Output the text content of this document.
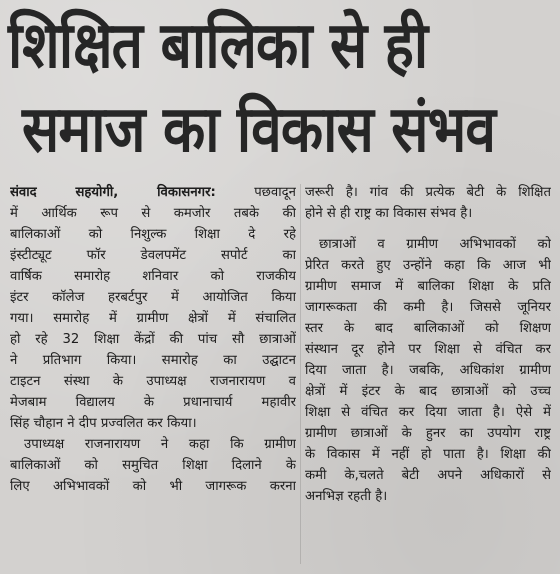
शिक्षित बालिका से ही
समाज का विकास संभव
संवाद सहयोगी, विकासनगर:	पछवादून
में आर्थिक रूप से कमजोर तबके की
बालिकाओं को निशुल्क शिक्षा दे रहे
इंस्टीट्यूट फॉर डेवलपमेंट सपोर्ट का
वार्षिक समारोह शनिवार को राजकीय
इंटर कॉलेज हरबर्टपुर में आयोजित किया
गया। समारोह में ग्रामीण क्षेत्रों में संचालित
हो रहे 32 शिक्षा केंद्रों की पांच सौ छात्राओं
ने प्रतिभाग किया। समारोह का उद्घाटन
टाइटन संस्था के उपाध्यक्ष राजनारायण व
मेजबाम विद्यालय के प्रधानाचार्य महावीर
सिंह चौहान ने दीप प्रज्वलित कर किया।
उपाध्यक्ष राजनारायण ने कहा कि ग्रामीण
बालिकाओं को समुचित शिक्षा दिलाने के
लिए अभिभावकों को भी जागरूक करना
जरूरी है। गांव की प्रत्येक बेटी के शिक्षित
होने से ही राष्ट्र का विकास संभव है।
छात्राओं व ग्रामीण अभिभावकों को
प्रेरित करते हुए उन्होंने कहा कि आज भी
ग्रामीण समाज में बालिका शिक्षा के प्रति
जागरूकता की कमी है। जिससे जूनियर
स्तर के बाद बालिकाओं को शिक्षण
संस्थान दूर होने पर शिक्षा से वंचित कर
दिया जाता है। जबकि, अधिकांश ग्रामीण
क्षेत्रों में इंटर के बाद छात्राओं को उच्च
शिक्षा से वंचित कर दिया जाता है। ऐसे में
ग्रामीण छात्राओं के हुनर का उपयोग राष्ट्र
के विकास में नहीं हो पाता है। शिक्षा की
कमी के,चलते बेटी अपने अधिकारों से
अनभिज्ञ रहती है।
